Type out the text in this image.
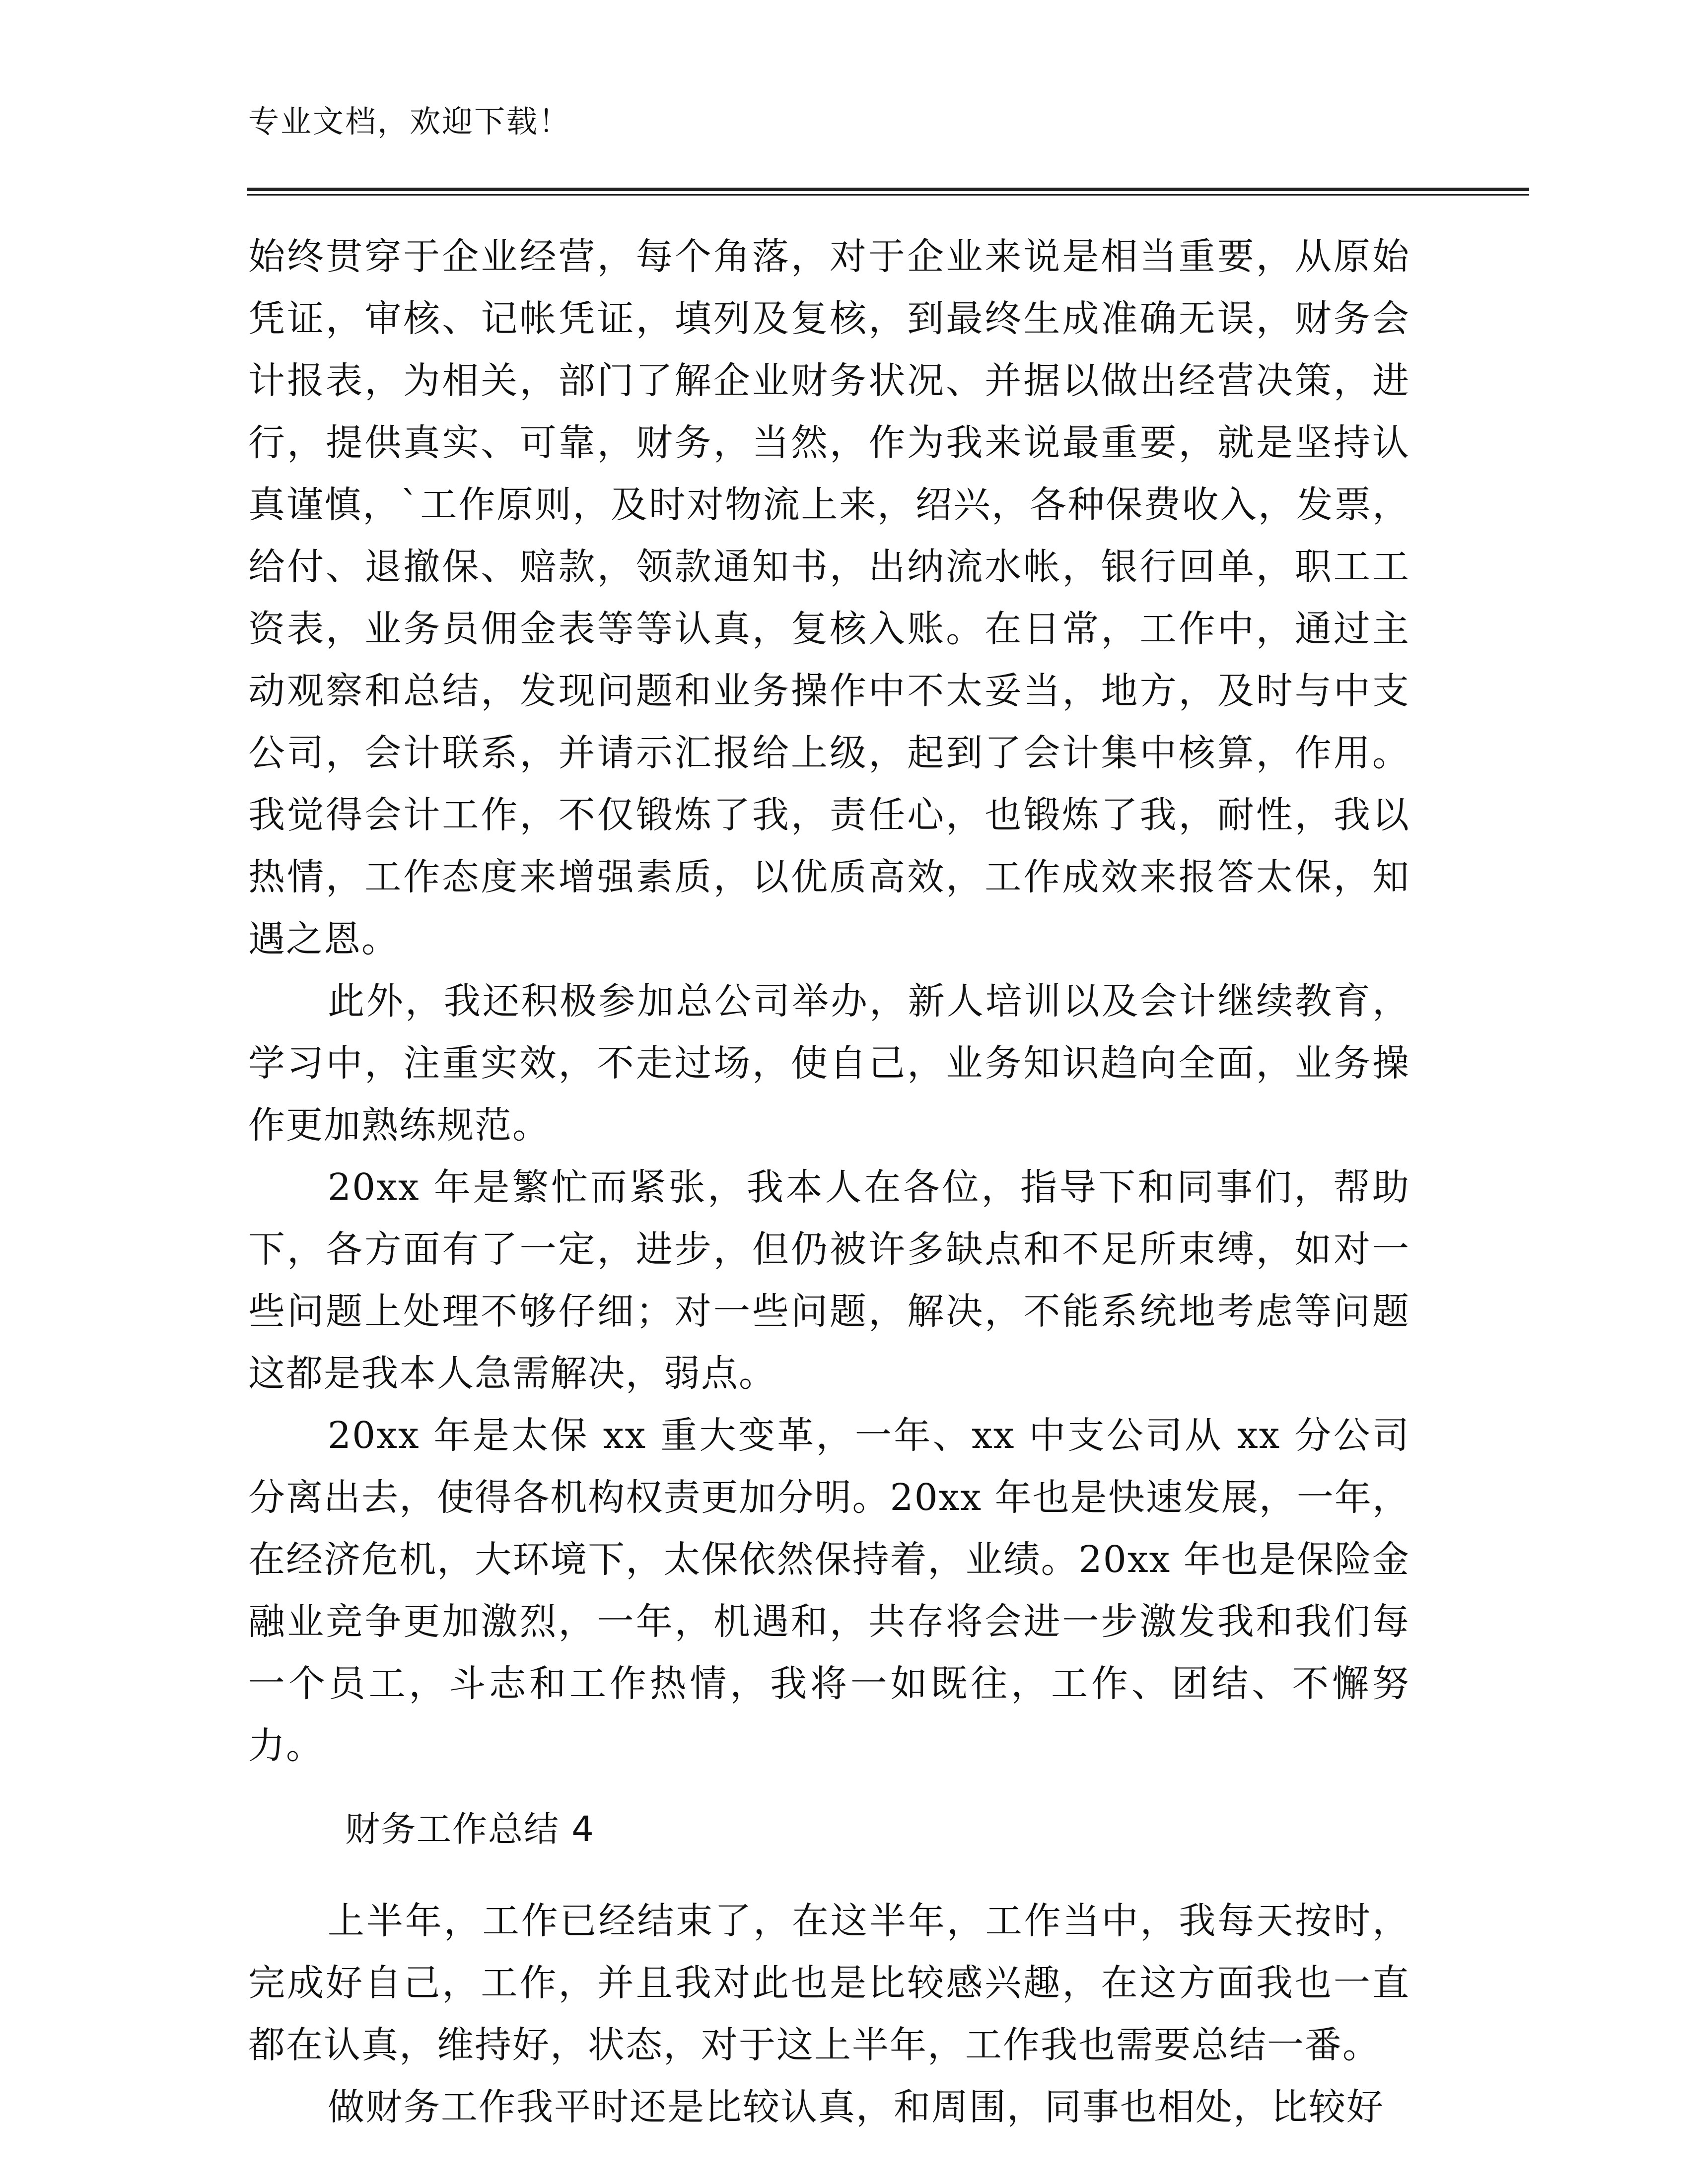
专业文档，欢迎下载！

始终贯穿于企业经营，每个角落，对于企业来说是相当重要，从原始凭证，审核、记帐凭证，填列及复核，到最终生成准确无误，财务会计报表，为相关，部门了解企业财务状况、并据以做出经营决策，进行，提供真实、可靠，财务，当然，作为我来说最重要，就是坚持认真谨慎，`工作原则，及时对物流上来，绍兴，各种保费收入，发票，给付、退撤保、赔款，领款通知书，出纳流水帐，银行回单，职工工资表，业务员佣金表等等认真，复核入账。在日常，工作中，通过主动观察和总结，发现问题和业务操作中不太妥当，地方，及时与中支公司，会计联系，并请示汇报给上级，起到了会计集中核算，作用。我觉得会计工作，不仅锻炼了我，责任心，也锻炼了我，耐性，我以热情，工作态度来增强素质，以优质高效，工作成效来报答太保，知遇之恩。

此外，我还积极参加总公司举办，新人培训以及会计继续教育，学习中，注重实效，不走过场，使自己，业务知识趋向全面，业务操作更加熟练规范。

20xx 年是繁忙而紧张，我本人在各位，指导下和同事们，帮助下，各方面有了一定，进步，但仍被许多缺点和不足所束缚，如对一些问题上处理不够仔细；对一些问题，解决，不能系统地考虑等问题这都是我本人急需解决，弱点。

20xx 年是太保 xx 重大变革，一年、xx 中支公司从 xx 分公司分离出去，使得各机构权责更加分明。20xx 年也是快速发展，一年，在经济危机，大环境下，太保依然保持着，业绩。20xx 年也是保险金融业竞争更加激烈，一年，机遇和，共存将会进一步激发我和我们每一个员工，斗志和工作热情，我将一如既往，工作、团结、不懈努力。

财务工作总结 4

上半年，工作已经结束了，在这半年，工作当中，我每天按时，完成好自己，工作，并且我对此也是比较感兴趣，在这方面我也一直都在认真，维持好，状态，对于这上半年，工作我也需要总结一番。

做财务工作我平时还是比较认真，和周围，同事也相处，比较好
